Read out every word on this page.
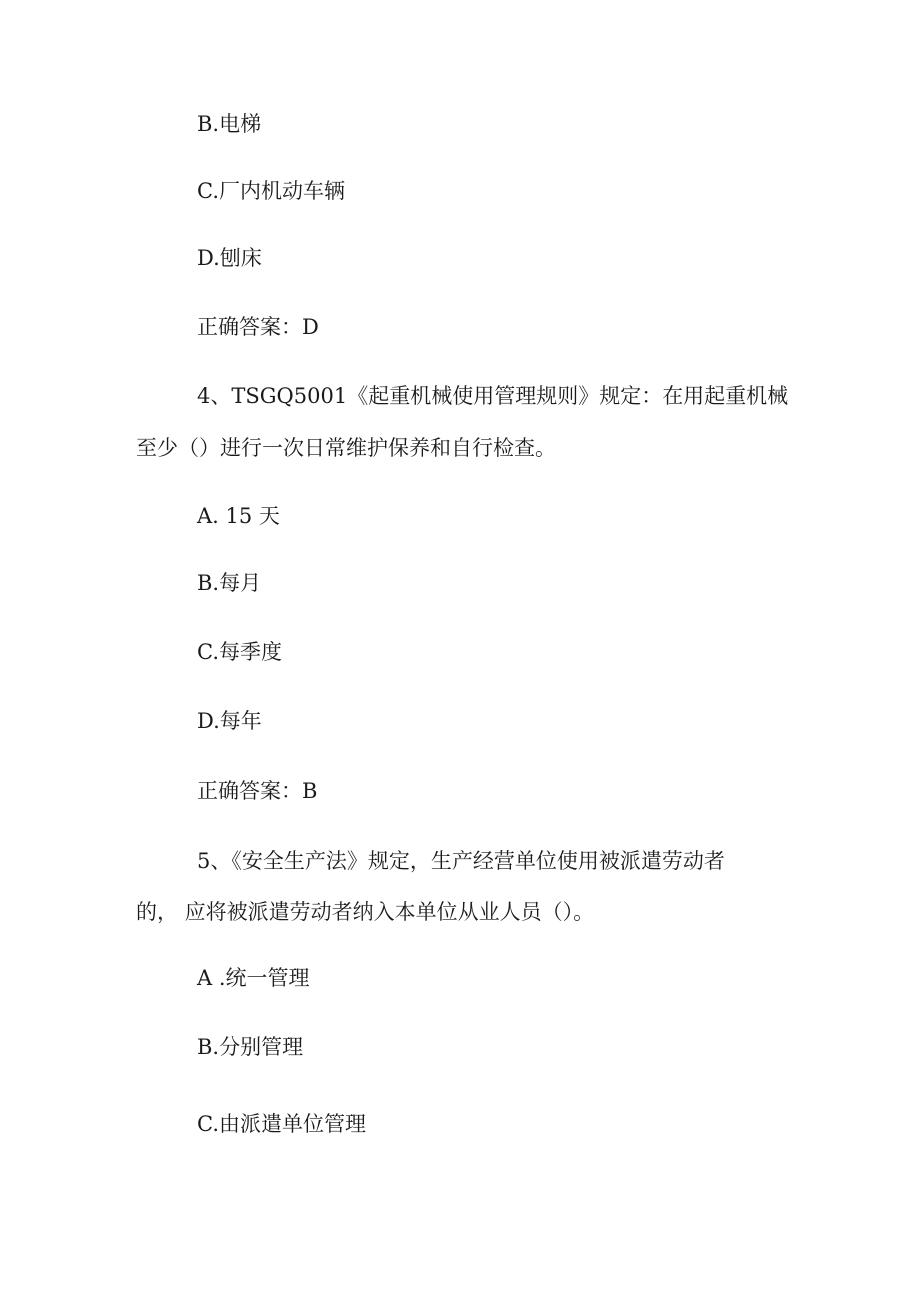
B.电梯

C.厂内机动车辆

D.刨床

正确答案：D

4、TSGQ5001《起重机械使用管理规则》规定：在用起重机械

至少（）进行一次日常维护保养和自行检查。

A. 15 天

B.每月

C.每季度

D.每年

正确答案：B

5、《安全生产法》规定，生产经营单位使用被派遣劳动者

的， 应将被派遣劳动者纳入本单位从业人员（）。

A .统一管理

B.分别管理

C.由派遣单位管理
